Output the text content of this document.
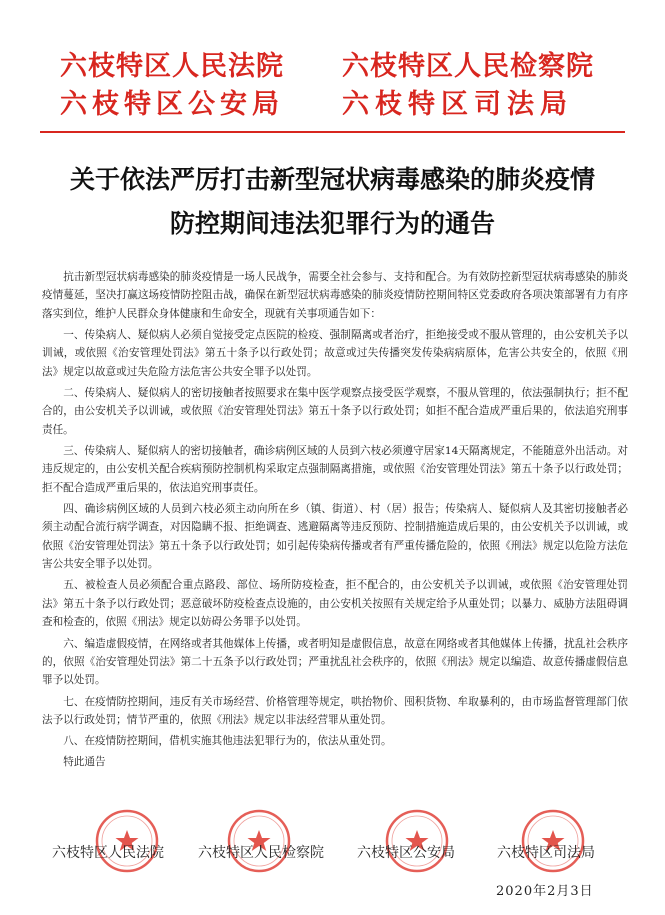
六枝特区人民法院 六枝特区人民检察院
六枝特区公安局 六枝特区司法局
关于依法严厉打击新型冠状病毒感染的肺炎疫情
防控期间违法犯罪行为的通告

抗击新型冠状病毒感染的肺炎疫情是一场人民战争，需要全社会参与、支持和配合。为有效防控新型冠状病毒感染的肺炎疫情蔓延，坚决打赢这场疫情防控阻击战，确保在新型冠状病毒感染的肺炎疫情防控期间特区党委政府各项决策部署有力有序落实到位，维护人民群众身体健康和生命安全，现就有关事项通告如下：

一、传染病人、疑似病人必须自觉接受定点医院的检疫、强制隔离或者治疗，拒绝接受或不服从管理的，由公安机关予以训诫，或依照《治安管理处罚法》第五十条予以行政处罚；故意或过失传播突发传染病病原体，危害公共安全的，依照《刑法》规定以故意或过失危险方法危害公共安全罪予以处罚。

二、传染病人、疑似病人的密切接触者按照要求在集中医学观察点接受医学观察，不服从管理的，依法强制执行；拒不配合的，由公安机关予以训诫，或依照《治安管理处罚法》第五十条予以行政处罚；如拒不配合造成严重后果的，依法追究刑事责任。

三、传染病人、疑似病人的密切接触者，确诊病例区域的人员到六枝必须遵守居家14天隔离规定，不能随意外出活动。对违反规定的，由公安机关配合疾病预防控制机构采取定点强制隔离措施，或依照《治安管理处罚法》第五十条予以行政处罚；拒不配合造成严重后果的，依法追究刑事责任。

四、确诊病例区域的人员到六枝必须主动向所在乡（镇、街道）、村（居）报告；传染病人、疑似病人及其密切接触者必须主动配合流行病学调查，对因隐瞒不报、拒绝调查、逃避隔离等违反预防、控制措施造成后果的，由公安机关予以训诫，或依照《治安管理处罚法》第五十条予以行政处罚；如引起传染病传播或者有严重传播危险的，依照《刑法》规定以危险方法危害公共安全罪予以处罚。

五、被检查人员必须配合重点路段、部位、场所防疫检查，拒不配合的，由公安机关予以训诫，或依照《治安管理处罚法》第五十条予以行政处罚；恶意破坏防疫检查点设施的，由公安机关按照有关规定给予从重处罚；以暴力、威胁方法阻碍调查和检查的，依照《刑法》规定以妨碍公务罪予以处罚。

六、编造虚假疫情，在网络或者其他媒体上传播，或者明知是虚假信息，故意在网络或者其他媒体上传播，扰乱社会秩序的，依照《治安管理处罚法》第二十五条予以行政处罚；严重扰乱社会秩序的，依照《刑法》规定以编造、故意传播虚假信息罪予以处罚。

七、在疫情防控期间，违反有关市场经营、价格管理等规定，哄抬物价、囤积货物、牟取暴利的，由市场监督管理部门依法予以行政处罚；情节严重的，依照《刑法》规定以非法经营罪从重处罚。

八、在疫情防控期间，借机实施其他违法犯罪行为的，依法从重处罚。

特此通告

六枝特区人民法院 六枝特区人民检察院 六枝特区公安局	六枝特区司法局
2020年2月3日
